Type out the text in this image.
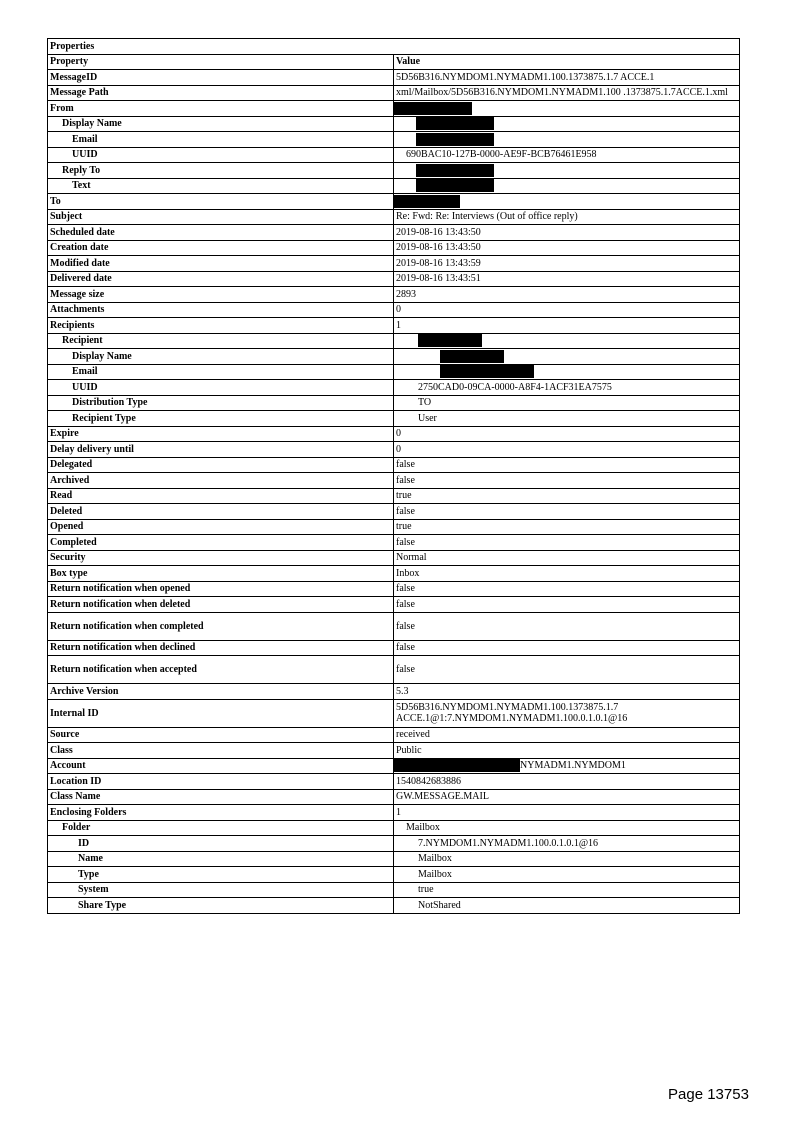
Properties	
Property	Value
MessageID	5D56B316.NYMDOM1.NYMADM1.100.1373875.1.7 ACCE.1
Message Path	xml/Mailbox/5D56B316.NYMDOM1.NYMADM1.100 .1373875.1.7ACCE.1.xml
From	
Display Name	
Email	
UUID	690BAC10-127B-0000-AE9F-BCB76461E958
Reply To	
Text	
To	
Subject	Re: Fwd: Re: Interviews (Out of office reply)
Scheduled date	2019-08-16 13:43:50
Creation date	2019-08-16 13:43:50
Modified date	2019-08-16 13:43:59
Delivered date	2019-08-16 13:43:51
Message size	2893
Attachments	0
Recipients	1
Recipient	
Display Name	
Email	
UUID	2750CAD0-09CA-0000-A8F4-1ACF31EA7575
Distribution Type	TO
Recipient Type	User
Expire	0
Delay delivery until	0
Delegated	false
Archived	false
Read	true
Deleted	false
Opened	true
Completed	false
Security	Normal
Box type	Inbox
Return notification when opened	false
Return notification when deleted	false
Return notification when completed	false
Return notification when declined	false
Return notification when accepted	false
Archive Version	5.3
Internal ID	5D56B316.NYMDOM1.NYMADM1.100.1373875.1.7 ACCE.1@1:7.NYMDOM1.NYMADM1.100.0.1.0.1@16
Source	received
Class	Public
Account	NYMADM1.NYMDOM1
Location ID	1540842683886
Class Name	GW.MESSAGE.MAIL
Enclosing Folders	1
Folder	Mailbox
ID	7.NYMDOM1.NYMADM1.100.0.1.0.1@16
Name	Mailbox
Type	Mailbox
System	true
Share Type	NotShared
Page 13753
